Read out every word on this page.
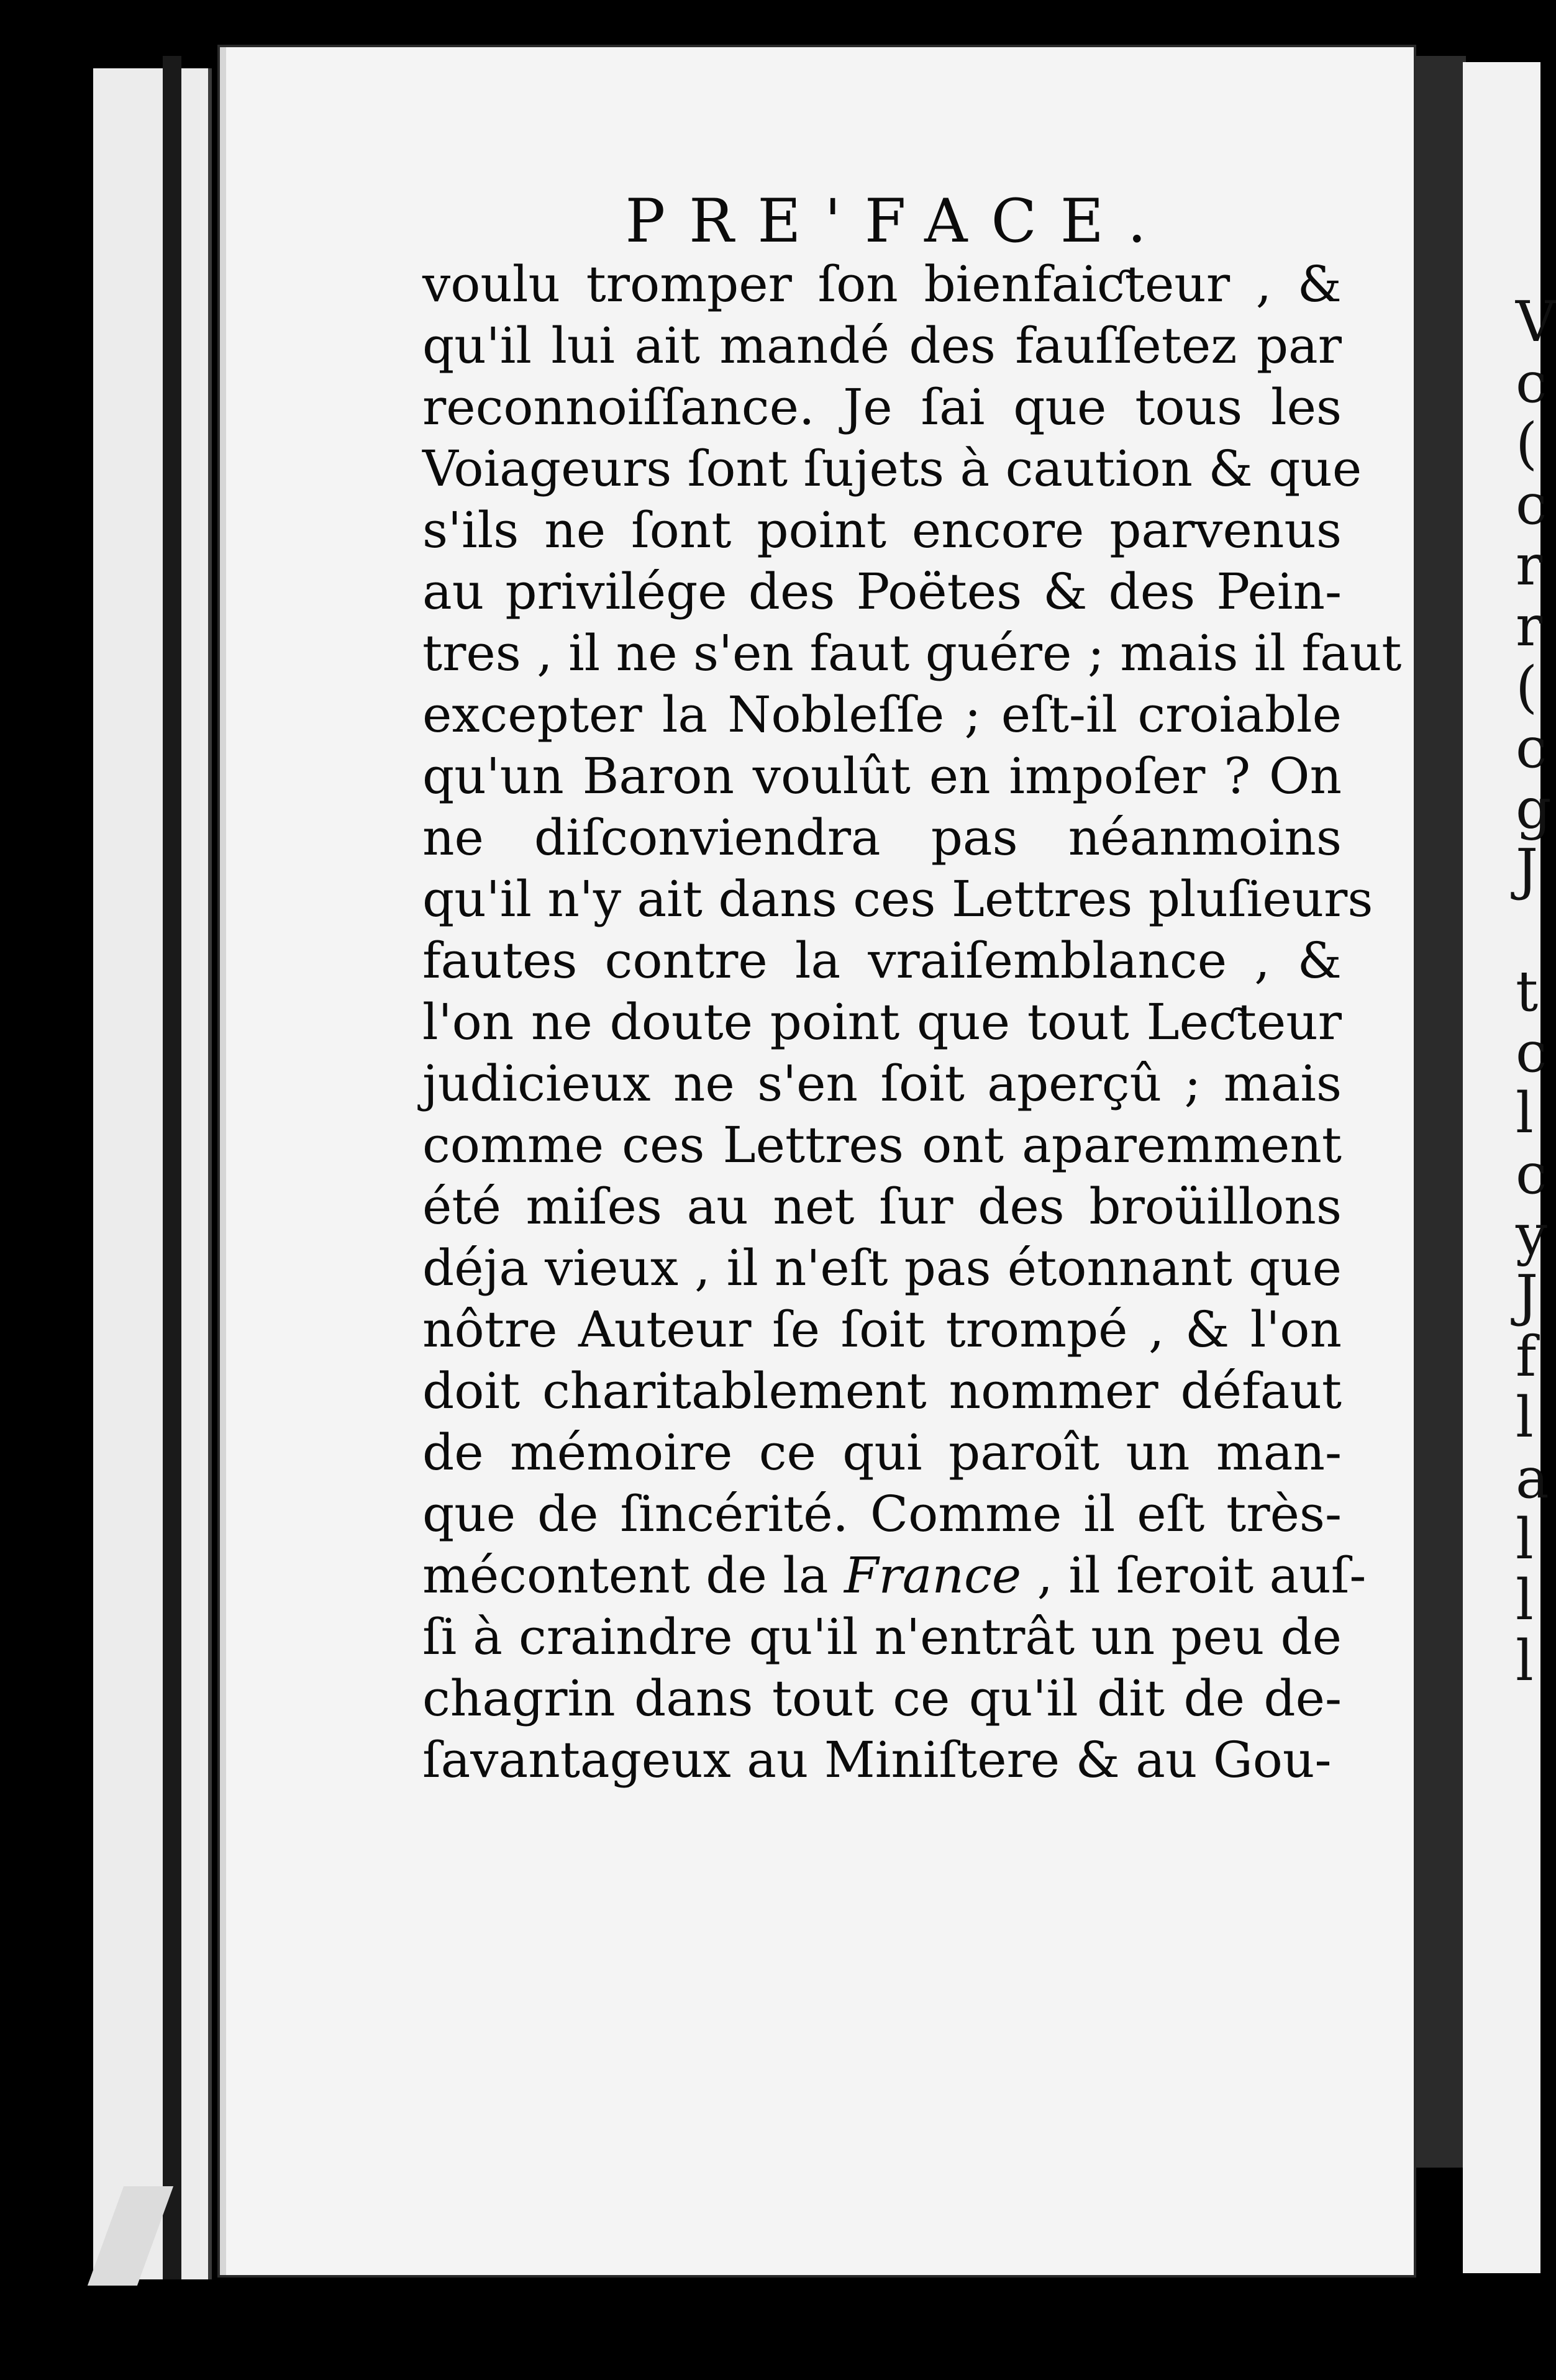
V
c
(
c
r
r
(
c
g
J

t
c
l
c
y
J
f
l
a
l
l
l
PRE'FACE.
voulu tromper ſon bienfaiƈteur , &
qu'il lui ait mandé des fauſſetez par
reconnoiſſance. Je ſai que tous les
Voiageurs ſont ſujets à caution & que
s'ils ne ſont point encore parvenus
au privilége des Poëtes & des Pein-
tres , il ne s'en faut guére ; mais il faut
excepter la Nobleſſe ; eſt-il croiable
qu'un Baron voulût en impoſer ? On
ne diſconviendra pas néanmoins
qu'il n'y ait dans ces Lettres pluſieurs
fautes contre la vraiſemblance , &
l'on ne doute point que tout Leƈteur
judicieux ne s'en ſoit aperçû ; mais
comme ces Lettres ont aparemment
été miſes au net ſur des broüillons
déja vieux , il n'eſt pas étonnant que
nôtre Auteur ſe ſoit trompé , & l'on
doit charitablement nommer défaut
de mémoire ce qui paroît un man-
que de ſincérité. Comme il eſt très-
mécontent de la France , il ſeroit auſ-
ſi à craindre qu'il n'entrât un peu de
chagrin dans tout ce qu'il dit de de-
ſavantageux au Miniſtere & au Gou-
